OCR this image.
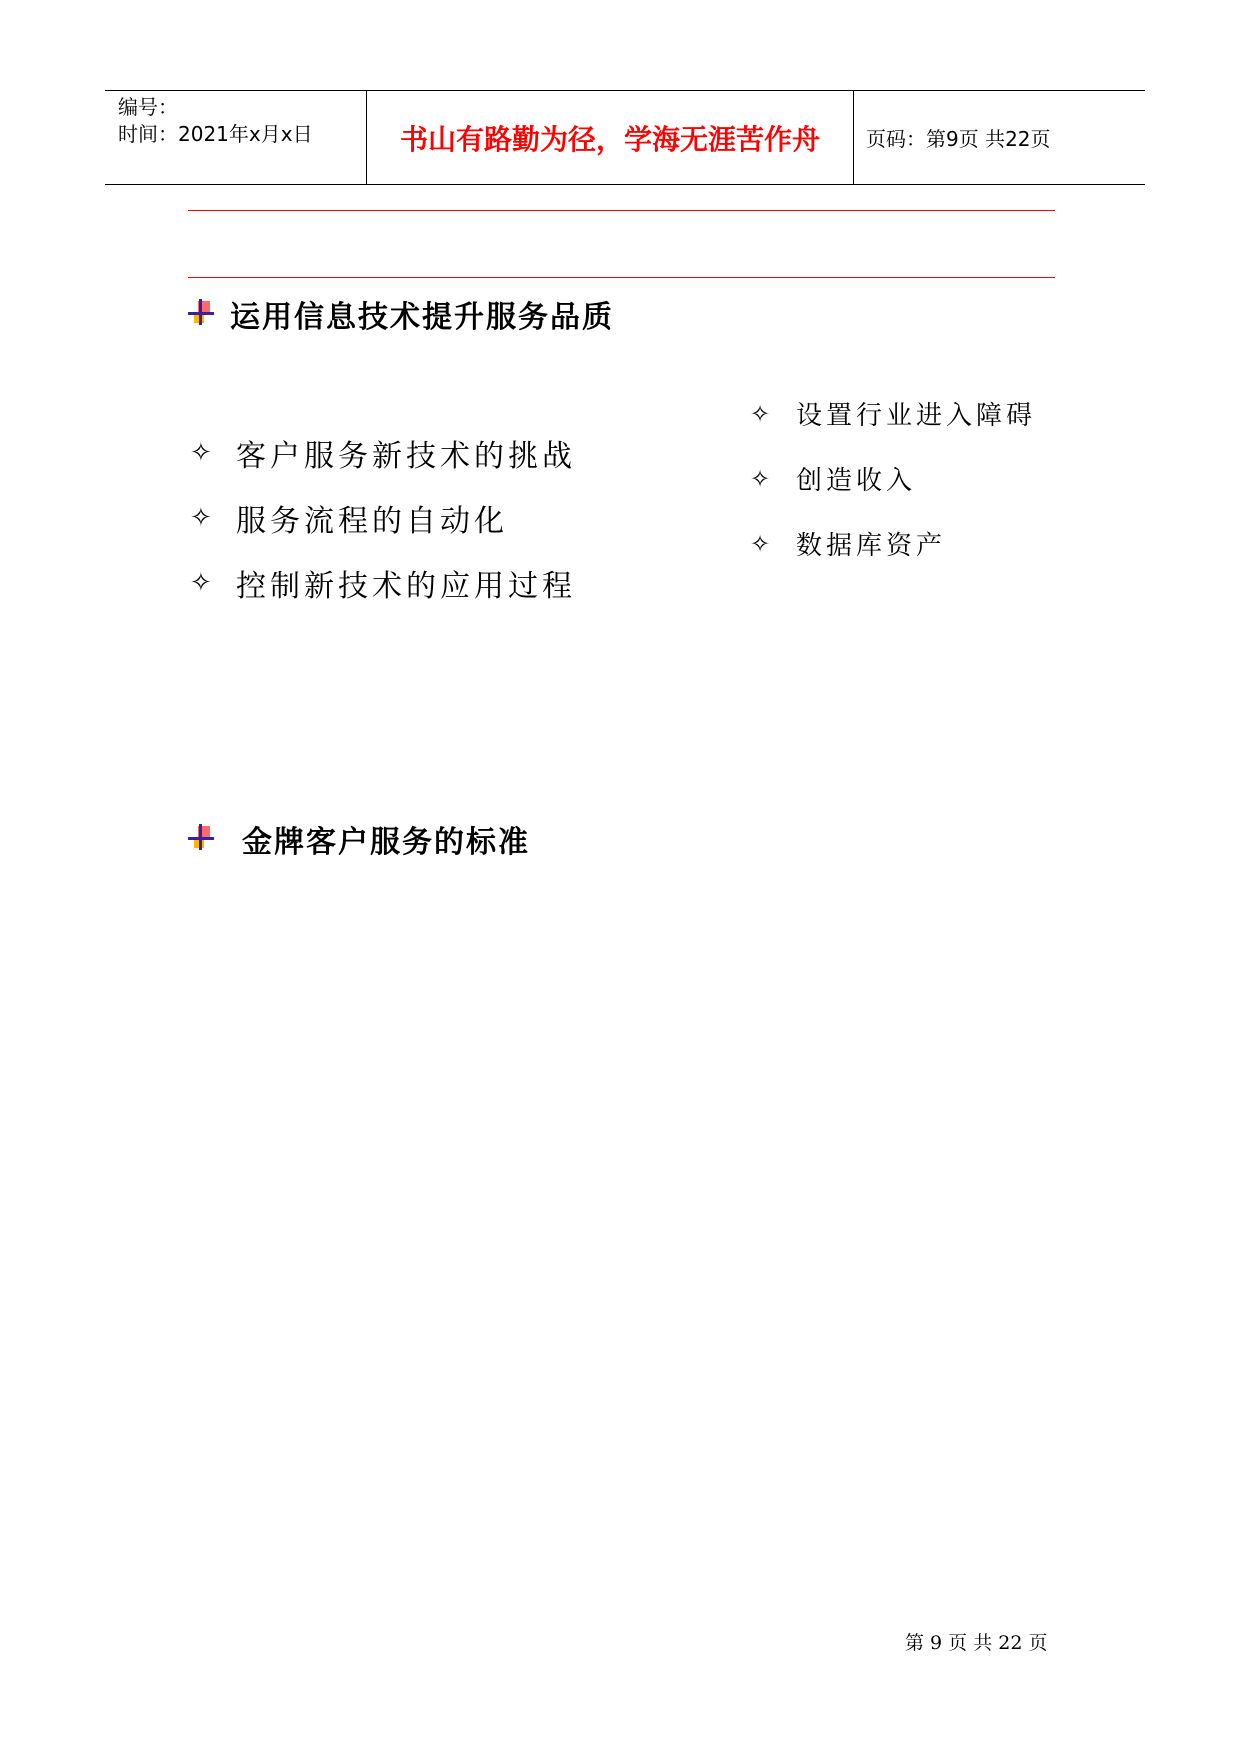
编号：
时间：2021年x月x日	书山有路勤为径，学海无涯苦作舟 页码：第9页 共22页
运用信息技术提升服务品质
✧ 客户服务新技术的挑战
✧ 服务流程的自动化
✧ 控制新技术的应用过程
✧ 设置行业进入障碍
✧ 创造收入
✧ 数据库资产
金牌客户服务的标准
第 9 页 共 22 页
